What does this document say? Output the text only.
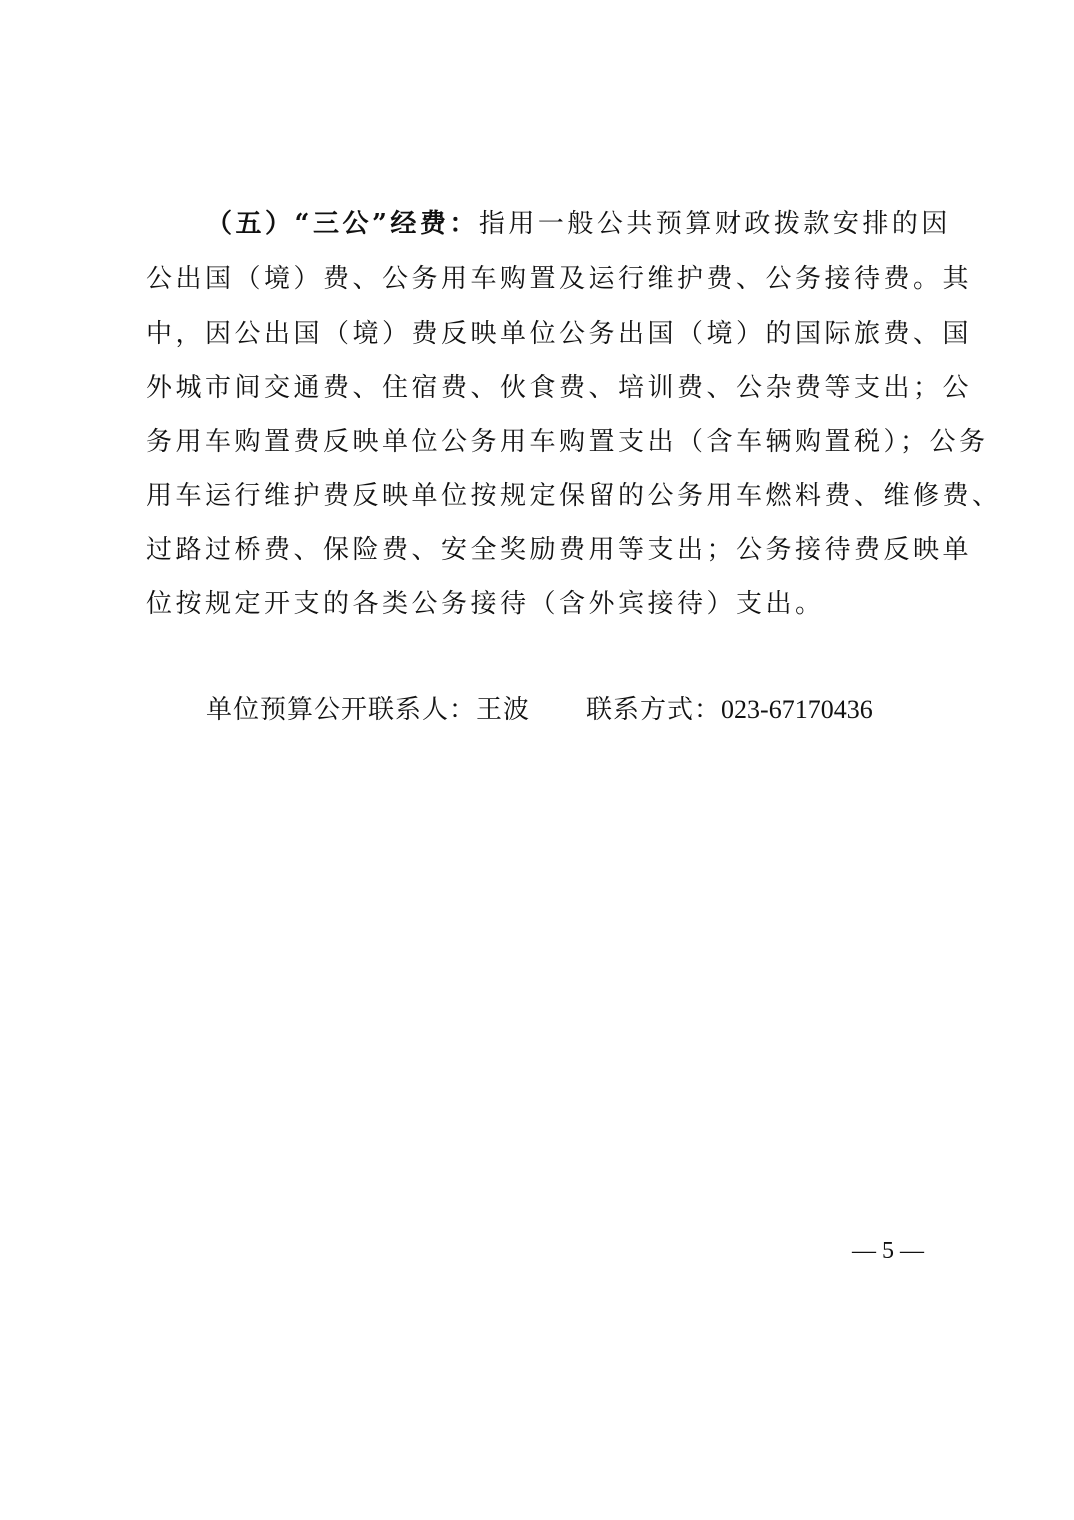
（五）“三公”经费：指用一般公共预算财政拨款安排的因
公出国（境）费、公务用车购置及运行维护费、公务接待费。其
中，因公出国（境）费反映单位公务出国（境）的国际旅费、国
外城市间交通费、住宿费、伙食费、培训费、公杂费等支出；公
务用车购置费反映单位公务用车购置支出（含车辆购置税）；公务
用车运行维护费反映单位按规定保留的公务用车燃料费、维修费、
过路过桥费、保险费、安全奖励费用等支出；公务接待费反映单
位按规定开支的各类公务接待（含外宾接待）支出。
单位预算公开联系人：王波 联系方式：023-67170436
— 5 —
